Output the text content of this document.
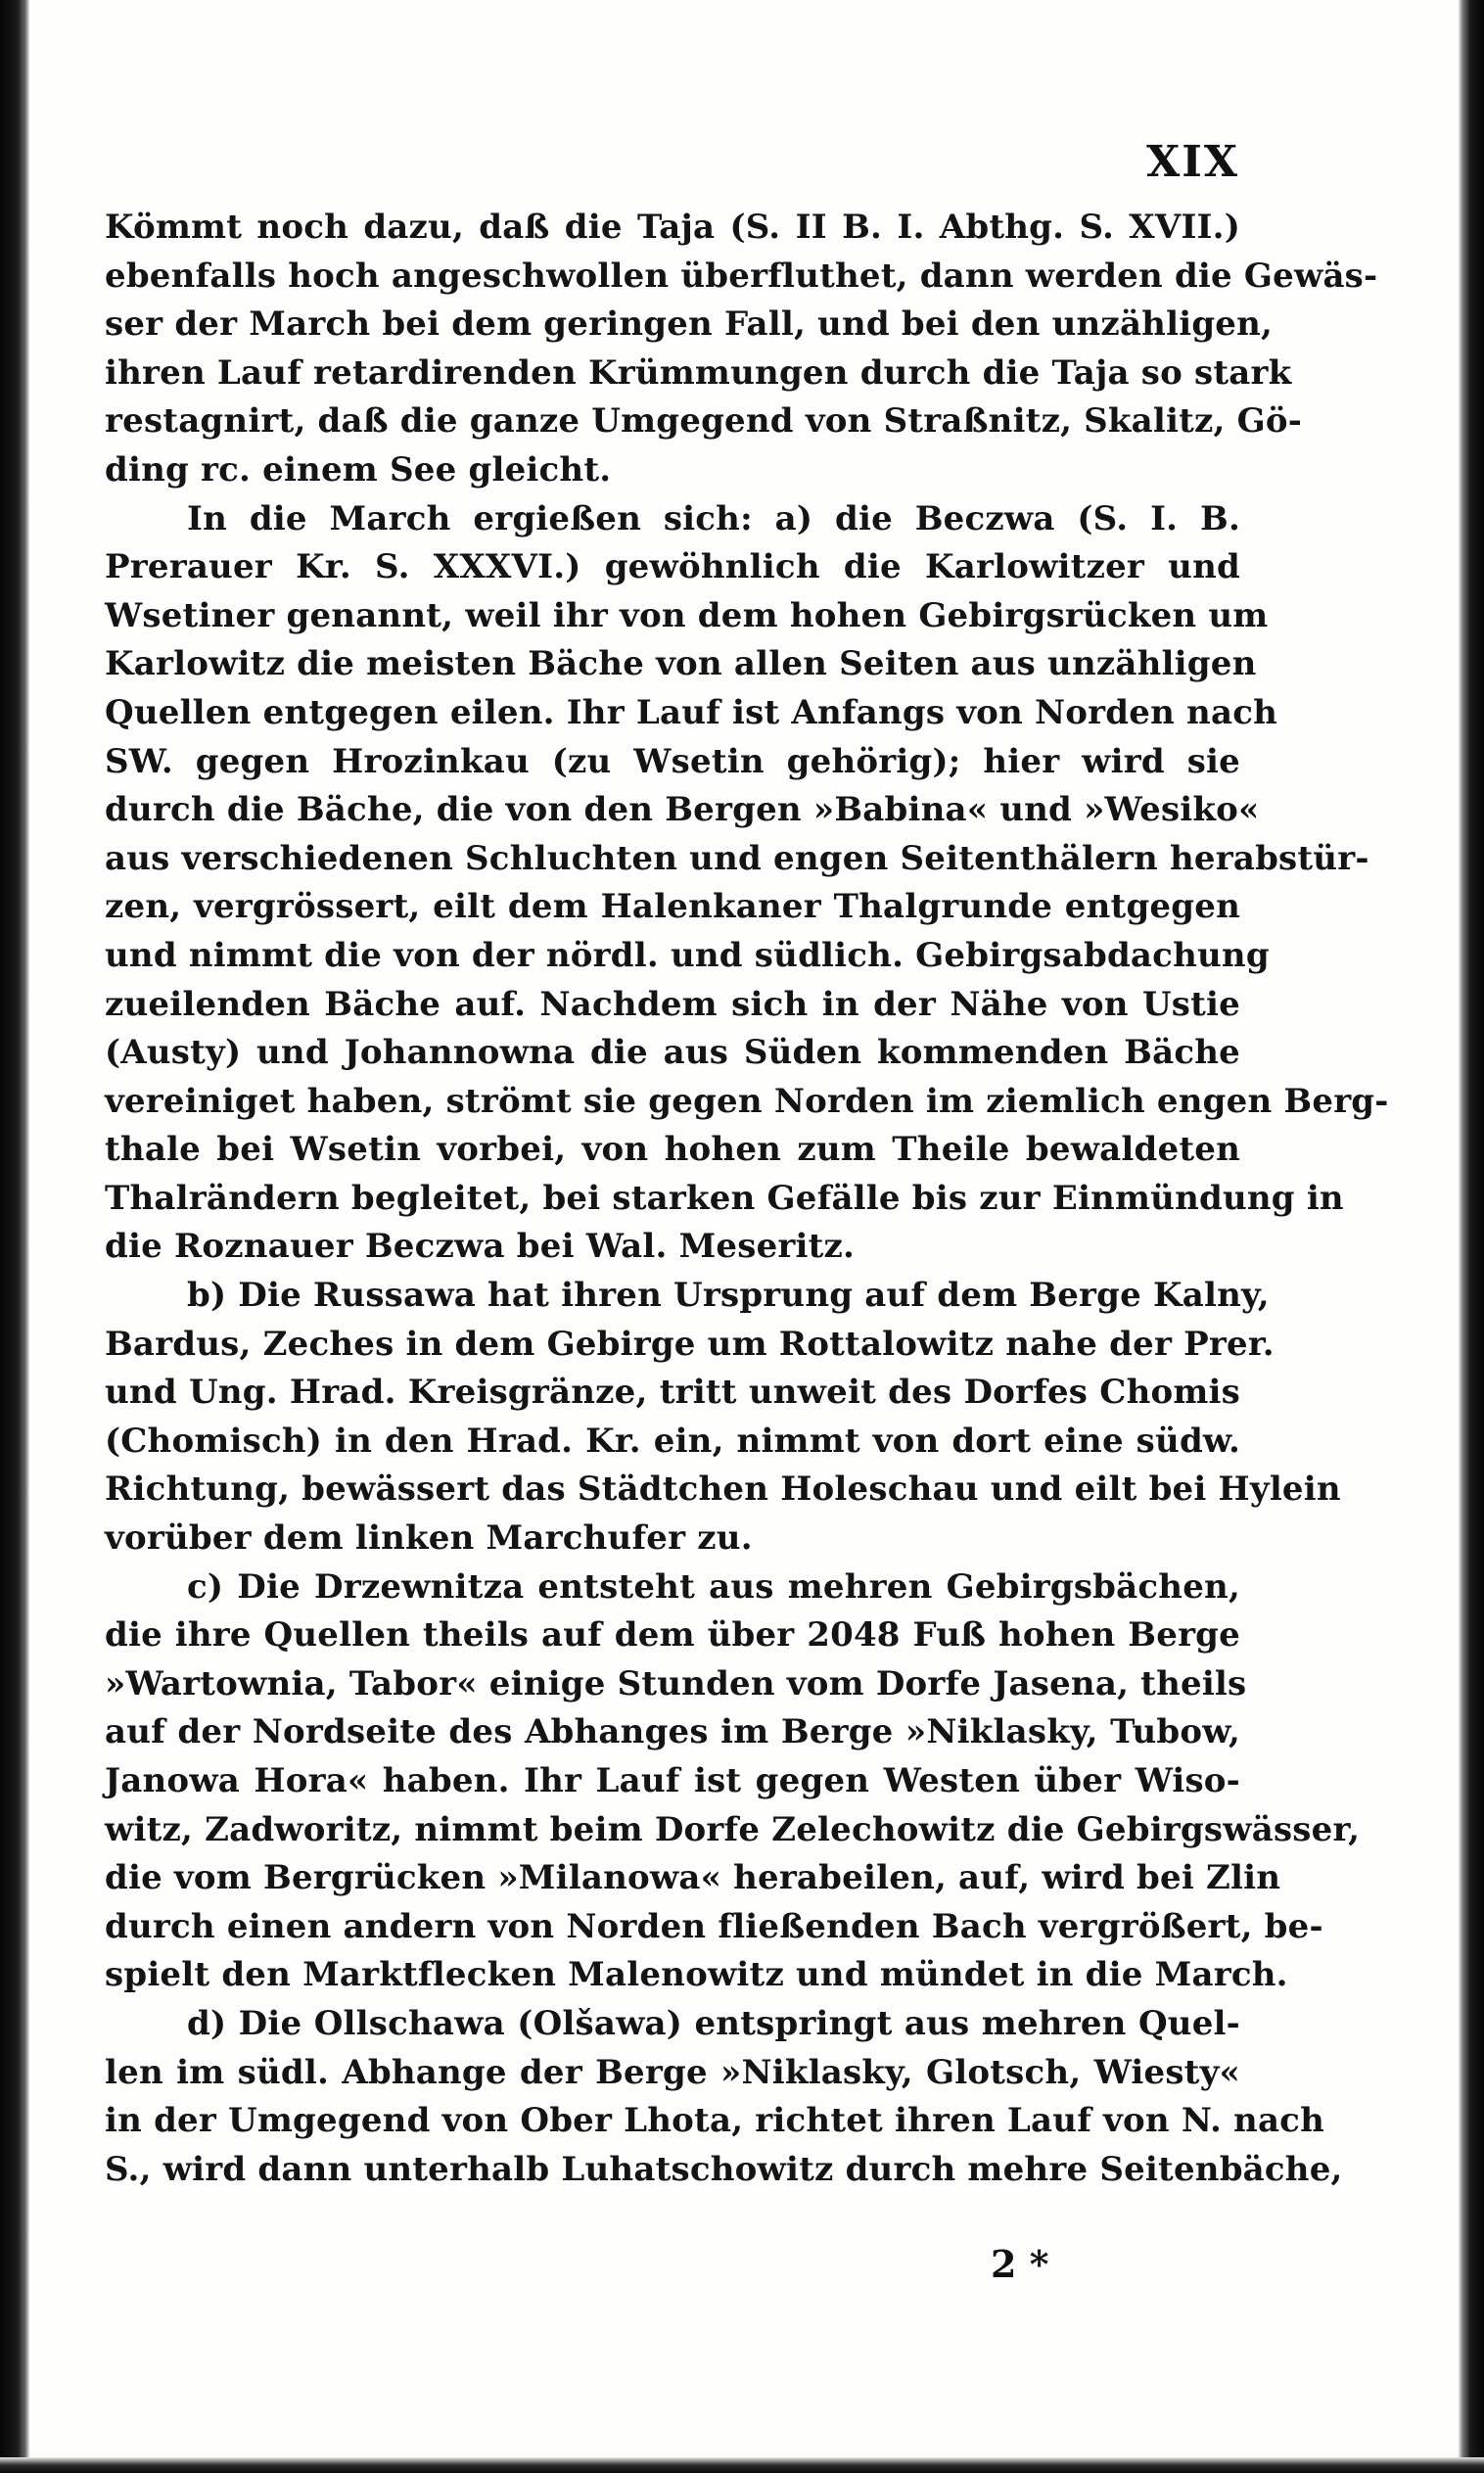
XIX
Kömmt noch dazu, daß die Taja (S. II B. I. Abthg. S. XVII.)
ebenfalls hoch angeschwollen überfluthet, dann werden die Gewäs-
ser der March bei dem geringen Fall, und bei den unzähligen,
ihren Lauf retardirenden Krümmungen durch die Taja so stark
restagnirt, daß die ganze Umgegend von Straßnitz, Skalitz, Gö-
ding rc. einem See gleicht.
In die March ergießen sich: a) die Beczwa (S. I. B.
Prerauer Kr. S. XXXVI.) gewöhnlich die Karlowitzer und
Wsetiner genannt, weil ihr von dem hohen Gebirgsrücken um
Karlowitz die meisten Bäche von allen Seiten aus unzähligen
Quellen entgegen eilen. Ihr Lauf ist Anfangs von Norden nach
SW. gegen Hrozinkau (zu Wsetin gehörig); hier wird sie
durch die Bäche, die von den Bergen »Babina« und »Wesiko«
aus verschiedenen Schluchten und engen Seitenthälern herabstür-
zen, vergrössert, eilt dem Halenkaner Thalgrunde entgegen
und nimmt die von der nördl. und südlich. Gebirgsabdachung
zueilenden Bäche auf. Nachdem sich in der Nähe von Ustie
(Austy) und Johannowna die aus Süden kommenden Bäche
vereiniget haben, strömt sie gegen Norden im ziemlich engen Berg-
thale bei Wsetin vorbei, von hohen zum Theile bewaldeten
Thalrändern begleitet, bei starken Gefälle bis zur Einmündung in
die Roznauer Beczwa bei Wal. Meseritz.
b) Die Russawa hat ihren Ursprung auf dem Berge Kalny,
Bardus, Zeches in dem Gebirge um Rottalowitz nahe der Prer.
und Ung. Hrad. Kreisgränze, tritt unweit des Dorfes Chomis
(Chomisch) in den Hrad. Kr. ein, nimmt von dort eine südw.
Richtung, bewässert das Städtchen Holeschau und eilt bei Hylein
vorüber dem linken Marchufer zu.
c) Die Drzewnitza entsteht aus mehren Gebirgsbächen,
die ihre Quellen theils auf dem über 2048 Fuß hohen Berge
»Wartownia, Tabor« einige Stunden vom Dorfe Jasena, theils
auf der Nordseite des Abhanges im Berge »Niklasky, Tubow,
Janowa Hora« haben. Ihr Lauf ist gegen Westen über Wiso-
witz, Zadworitz, nimmt beim Dorfe Zelechowitz die Gebirgswässer,
die vom Bergrücken »Milanowa« herabeilen, auf, wird bei Zlin
durch einen andern von Norden fließenden Bach vergrößert, be-
spielt den Marktflecken Malenowitz und mündet in die March.
d) Die Ollschawa (Olšawa) entspringt aus mehren Quel-
len im südl. Abhange der Berge »Niklasky, Glotsch, Wiesty«
in der Umgegend von Ober Lhota, richtet ihren Lauf von N. nach
S., wird dann unterhalb Luhatschowitz durch mehre Seitenbäche,
2 *
